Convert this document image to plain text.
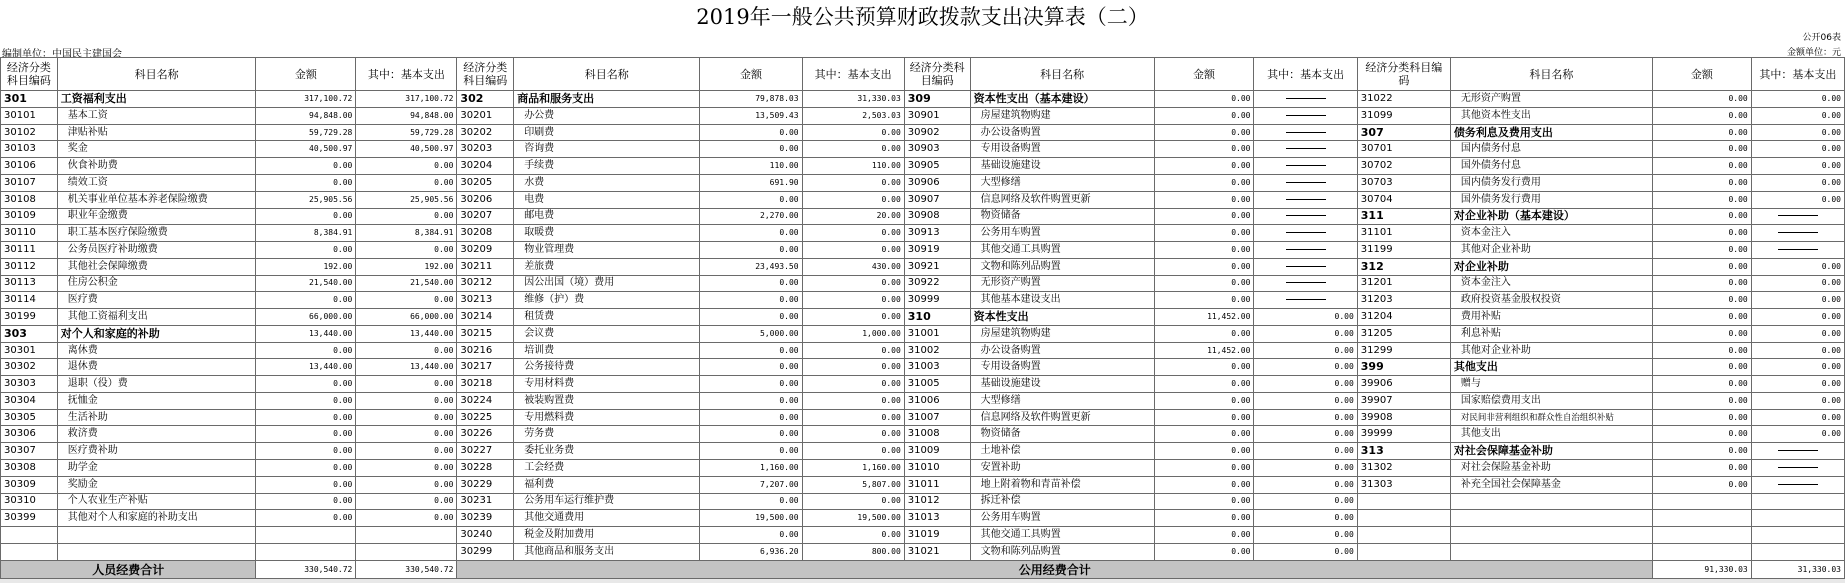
2019年一般公共预算财政拨款支出决算表（二）
公开06表
编制单位：中国民主建国会	金额单位：元
经济分类科目编码	科目名称	金额	其中：基本支出	经济分类科目编码	科目名称	金额	其中：基本支出	经济分类科目编码	科目名称	金额	其中：基本支出	经济分类科目编码	科目名称	金额	其中：基本支出
301	工资福利支出	317,100.72	317,100.72	302	商品和服务支出	79,878.03	31,330.03	309	资本性支出（基本建设）	0.00		31022	无形资产购置	0.00	0.00
30101	基本工资	94,848.00	94,848.00	30201	办公费	13,509.43	2,503.03	30901	房屋建筑物购建	0.00		31099	其他资本性支出	0.00	0.00
30102	津贴补贴	59,729.28	59,729.28	30202	印刷费	0.00	0.00	30902	办公设备购置	0.00		307	债务利息及费用支出	0.00	0.00
30103	奖金	40,500.97	40,500.97	30203	咨询费	0.00	0.00	30903	专用设备购置	0.00		30701	国内债务付息	0.00	0.00
30106	伙食补助费	0.00	0.00	30204	手续费	110.00	110.00	30905	基础设施建设	0.00		30702	国外债务付息	0.00	0.00
30107	绩效工资	0.00	0.00	30205	水费	691.90	0.00	30906	大型修缮	0.00		30703	国内债务发行费用	0.00	0.00
30108	机关事业单位基本养老保险缴费	25,905.56	25,905.56	30206	电费	0.00	0.00	30907	信息网络及软件购置更新	0.00		30704	国外债务发行费用	0.00	0.00
30109	职业年金缴费	0.00	0.00	30207	邮电费	2,270.00	20.00	30908	物资储备	0.00		311	对企业补助（基本建设）	0.00	
30110	职工基本医疗保险缴费	8,384.91	8,384.91	30208	取暖费	0.00	0.00	30913	公务用车购置	0.00		31101	资本金注入	0.00	
30111	公务员医疗补助缴费	0.00	0.00	30209	物业管理费	0.00	0.00	30919	其他交通工具购置	0.00		31199	其他对企业补助	0.00	
30112	其他社会保障缴费	192.00	192.00	30211	差旅费	23,493.50	430.00	30921	文物和陈列品购置	0.00		312	对企业补助	0.00	0.00
30113	住房公积金	21,540.00	21,540.00	30212	因公出国（境）费用	0.00	0.00	30922	无形资产购置	0.00		31201	资本金注入	0.00	0.00
30114	医疗费	0.00	0.00	30213	维修（护）费	0.00	0.00	30999	其他基本建设支出	0.00		31203	政府投资基金股权投资	0.00	0.00
30199	其他工资福利支出	66,000.00	66,000.00	30214	租赁费	0.00	0.00	310	资本性支出	11,452.00	0.00	31204	费用补贴	0.00	0.00
303	对个人和家庭的补助	13,440.00	13,440.00	30215	会议费	5,000.00	1,000.00	31001	房屋建筑物购建	0.00	0.00	31205	利息补贴	0.00	0.00
30301	离休费	0.00	0.00	30216	培训费	0.00	0.00	31002	办公设备购置	11,452.00	0.00	31299	其他对企业补助	0.00	0.00
30302	退休费	13,440.00	13,440.00	30217	公务接待费	0.00	0.00	31003	专用设备购置	0.00	0.00	399	其他支出	0.00	0.00
30303	退职（役）费	0.00	0.00	30218	专用材料费	0.00	0.00	31005	基础设施建设	0.00	0.00	39906	赠与	0.00	0.00
30304	抚恤金	0.00	0.00	30224	被装购置费	0.00	0.00	31006	大型修缮	0.00	0.00	39907	国家赔偿费用支出	0.00	0.00
30305	生活补助	0.00	0.00	30225	专用燃料费	0.00	0.00	31007	信息网络及软件购置更新	0.00	0.00	39908	对民间非营利组织和群众性自治组织补贴	0.00	0.00
30306	救济费	0.00	0.00	30226	劳务费	0.00	0.00	31008	物资储备	0.00	0.00	39999	其他支出	0.00	0.00
30307	医疗费补助	0.00	0.00	30227	委托业务费	0.00	0.00	31009	土地补偿	0.00	0.00	313	对社会保障基金补助	0.00	
30308	助学金	0.00	0.00	30228	工会经费	1,160.00	1,160.00	31010	安置补助	0.00	0.00	31302	对社会保险基金补助	0.00	
30309	奖励金	0.00	0.00	30229	福利费	7,207.00	5,807.00	31011	地上附着物和青苗补偿	0.00	0.00	31303	补充全国社会保障基金	0.00	
30310	个人农业生产补贴	0.00	0.00	30231	公务用车运行维护费	0.00	0.00	31012	拆迁补偿	0.00	0.00				
30399	其他对个人和家庭的补助支出	0.00	0.00	30239	其他交通费用	19,500.00	19,500.00	31013	公务用车购置	0.00	0.00				
				30240	税金及附加费用	0.00	0.00	31019	其他交通工具购置	0.00	0.00				
				30299	其他商品和服务支出	6,936.20	800.00	31021	文物和陈列品购置	0.00	0.00				
人员经费合计		330,540.72	330,540.72	公用经费合计										91,330.03	31,330.03
